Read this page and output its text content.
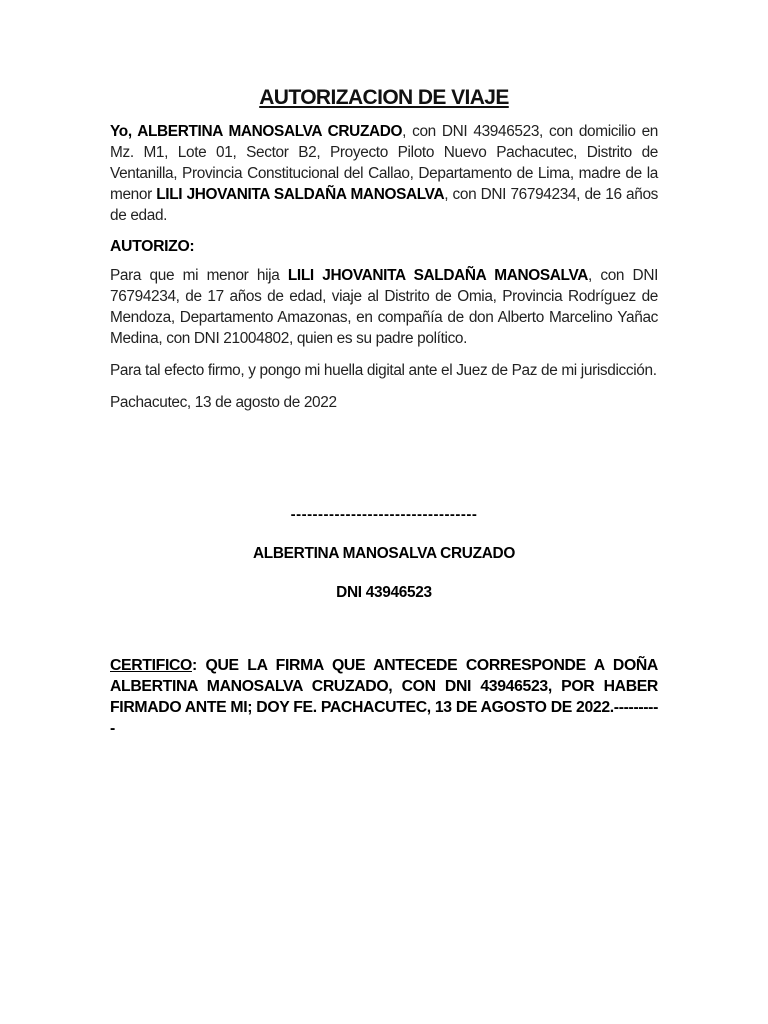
AUTORIZACION DE VIAJE

Yo, ALBERTINA MANOSALVA CRUZADO, con DNI 43946523, con domicilio en Mz. M1, Lote 01, Sector B2, Proyecto Piloto Nuevo Pachacutec, Distrito de Ventanilla, Provincia Constitucional del Callao, Departamento de Lima, madre de la menor LILI JHOVANITA SALDAÑA MANOSALVA, con DNI 76794234, de 16 años de edad.

AUTORIZO:

Para que mi menor hija LILI JHOVANITA SALDAÑA MANOSALVA, con DNI 76794234, de 17 años de edad, viaje al Distrito de Omia, Provincia Rodríguez de Mendoza, Departamento Amazonas, en compañía de don Alberto Marcelino Yañac Medina, con DNI 21004802, quien es su padre político.

Para tal efecto firmo, y pongo mi huella digital ante el Juez de Paz de mi jurisdicción.

Pachacutec, 13 de agosto de 2022

----------------------------------
ALBERTINA MANOSALVA CRUZADO
DNI 43946523

CERTIFICO: QUE LA FIRMA QUE ANTECEDE CORRESPONDE A DOÑA ALBERTINA MANOSALVA CRUZADO, CON DNI 43946523, POR HABER FIRMADO ANTE MI; DOY FE. PACHACUTEC, 13 DE AGOSTO DE 2022.----------
